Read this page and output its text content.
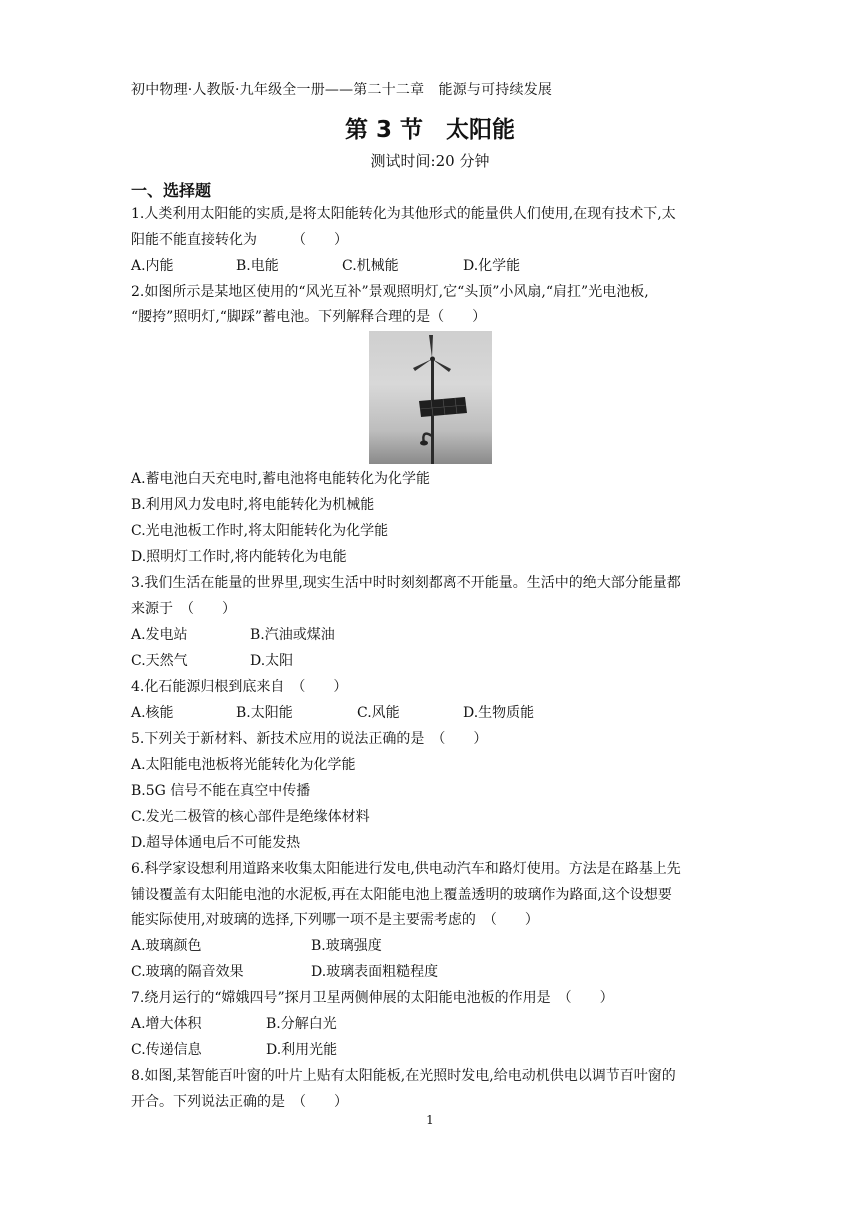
初中物理·人教版·九年级全一册——第二十二章　能源与可持续发展
第 3 节　太阳能
测试时间:20 分钟
一、选择题
1.人类利用太阳能的实质,是将太阳能转化为其他形式的能量供人们使用,在现有技术下,太
阳能不能直接转化为　　　（　　）
A.内能	B.电能	C.机械能	D.化学能
2.如图所示是某地区使用的“风光互补”景观照明灯,它“头顶”小风扇,“肩扛”光电池板,
“腰挎”照明灯,“脚踩”蓄电池。下列解释合理的是（　　）
A.蓄电池白天充电时,蓄电池将电能转化为化学能
B.利用风力发电时,将电能转化为机械能
C.光电池板工作时,将太阳能转化为化学能
D.照明灯工作时,将内能转化为电能
3.我们生活在能量的世界里,现实生活中时时刻刻都离不开能量。生活中的绝大部分能量都
来源于　（　　）
A.发电站	B.汽油或煤油
C.天然气	D.太阳
4.化石能源归根到底来自　（　　）
A.核能	B.太阳能	C.风能	D.生物质能
5.下列关于新材料、新技术应用的说法正确的是　（　　）
A.太阳能电池板将光能转化为化学能
B.5G 信号不能在真空中传播
C.发光二极管的核心部件是绝缘体材料
D.超导体通电后不可能发热
6.科学家设想利用道路来收集太阳能进行发电,供电动汽车和路灯使用。方法是在路基上先
铺设覆盖有太阳能电池的水泥板,再在太阳能电池上覆盖透明的玻璃作为路面,这个设想要
能实际使用,对玻璃的选择,下列哪一项不是主要需考虑的　（　　）
A.玻璃颜色	B.玻璃强度
C.玻璃的隔音效果	D.玻璃表面粗糙程度
7.绕月运行的“嫦娥四号”探月卫星两侧伸展的太阳能电池板的作用是　（　　）
A.增大体积	B.分解白光
C.传递信息	D.利用光能
8.如图,某智能百叶窗的叶片上贴有太阳能板,在光照时发电,给电动机供电以调节百叶窗的
开合。下列说法正确的是　（　　）
1
